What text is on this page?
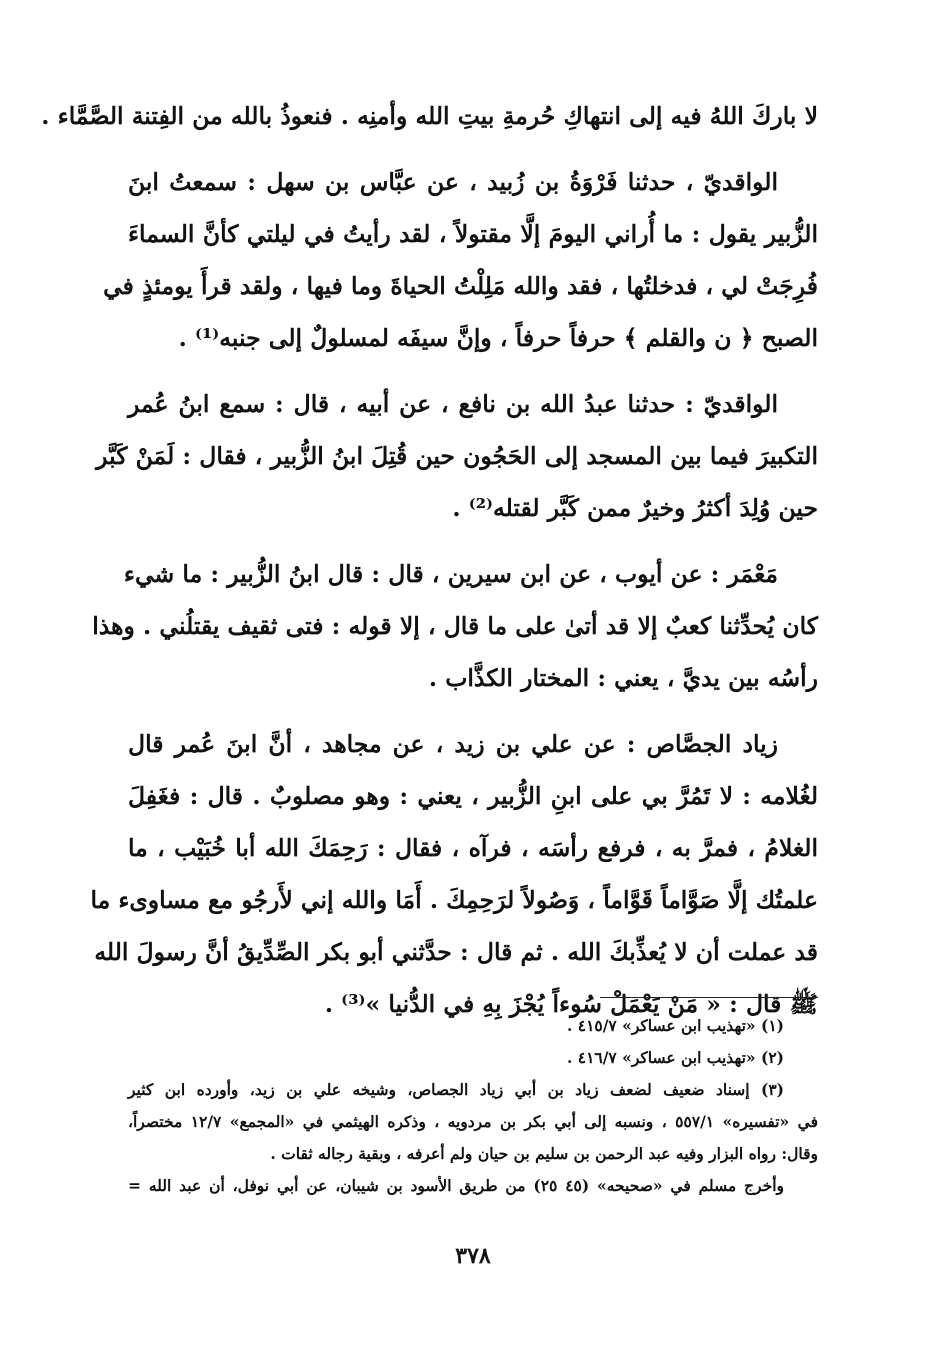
لا باركَ اللهُ فيه إلى انتهاكِ حُرمةِ بيتِ الله وأمنِه . فنعوذُ بالله من الفِتنة الصَّمَّاء .

الواقديّ ، حدثنا فَرْوَةُ بن زُبيد ، عن عبَّاس بن سهل : سمعتُ ابنَ
الزُّبير يقول : ما أُراني اليومَ إلَّا مقتولاً ، لقد رأيتُ في ليلتي كأنَّ السماءَ
فُرِجَتْ لي ، فدخلتُها ، فقد والله مَلِلْتُ الحياةَ وما فيها ، ولقد قرأَ يومئذٍ في
الصبح ﴿ ن والقلم ﴾ حرفاً حرفاً ، وإنَّ سيفَه لمسلولٌ إلى جنبه⁽¹⁾ .

الواقديّ : حدثنا عبدُ الله بن نافع ، عن أبيه ، قال : سمع ابنُ عُمر
التكبيرَ فيما بين المسجد إلى الحَجُون حين قُتِلَ ابنُ الزُّبير ، فقال : لَمَنْ كَبَّر
حين وُلِدَ أكثرُ وخيرٌ ممن كَبَّر لقتله⁽²⁾ .

مَعْمَر : عن أيوب ، عن ابن سيرين ، قال : قال ابنُ الزُّبير : ما شيء
كان يُحدِّثنا كعبٌ إلا قد أتىٰ على ما قال ، إلا قوله : فتى ثقيف يقتلُني . وهذا
رأسُه بين يديَّ ، يعني : المختار الكذَّاب .

زياد الجصَّاص : عن علي بن زيد ، عن مجاهد ، أنَّ ابنَ عُمر قال
لغُلامه : لا تَمُرَّ بي على ابنِ الزُّبير ، يعني : وهو مصلوبٌ . قال : فغَفِلَ
الغلامُ ، فمرَّ به ، فرفع رأسَه ، فرآه ، فقال : رَحِمَكَ الله أبا خُبَيْب ، ما
علمتُك إلَّا صَوَّاماً قَوَّاماً ، وَصُولاً لرَحِمِكَ . أَمَا والله إني لأَرجُو مع مساوىء ما
قد عملت أن لا يُعذِّبكَ الله . ثم قال : حدَّثني أبو بكر الصِّدِّيقُ أنَّ رسولَ الله
ﷺ قال : « مَنْ يَعْمَلْ سُوءاً يُجْزَ بِهِ في الدُّنيا »⁽³⁾ .

(١) «تهذيب ابن عساكر» ٤١٥/٧ .
(٢) «تهذيب ابن عساكر» ٤١٦/٧ .
(٣) إسناد ضعيف لضعف زياد بن أبي زياد الجصاص، وشيخه علي بن زيد، وأورده ابن كثير
في «تفسيره» ٥٥٧/١ ، ونسبه إلى أبي بكر بن مردويه ، وذكره الهيثمي في «المجمع» ١٢/٧ مختصراً،
وقال: رواه البزار وفيه عبد الرحمن بن سليم بن حيان ولم أعرفه ، وبقية رجاله ثقات .
وأخرج مسلم في «صحيحه» (٤٥ ٢٥) من طريق الأسود بن شيبان، عن أبي نوفل، أن عبد الله =
٣٧٨
